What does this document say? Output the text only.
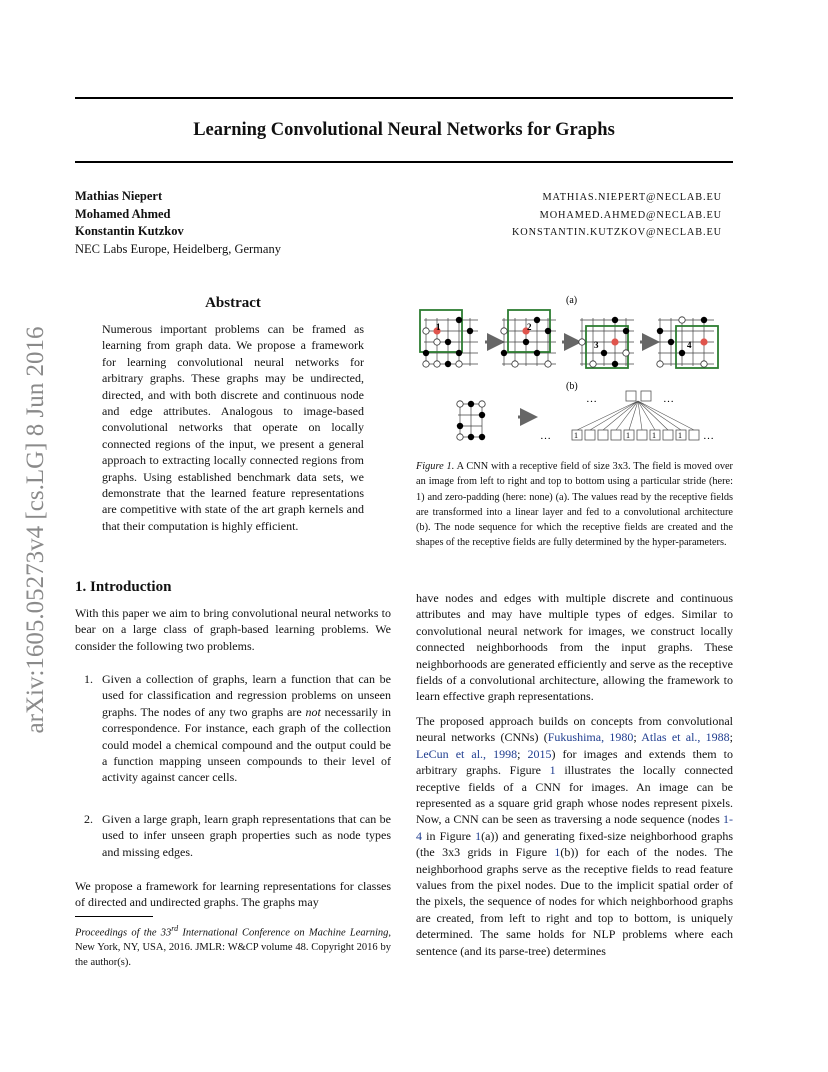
Learning Convolutional Neural Networks for Graphs
Mathias Niepert
Mohamed Ahmed
Konstantin Kutzkov
NEC Labs Europe, Heidelberg, Germany
MATHIAS.NIEPERT@NECLAB.EU
MOHAMED.AHMED@NECLAB.EU
KONSTANTIN.KUTZKOV@NECLAB.EU
arXiv:1605.05273v4 [cs.LG] 8 Jun 2016
Abstract

Numerous important problems can be framed as learning from graph data. We propose a framework for learning convolutional neural networks for arbitrary graphs. These graphs may be undirected, directed, and with both discrete and continuous node and edge attributes. Analogous to image-based convolutional networks that operate on locally connected regions of the input, we present a general approach to extracting locally connected regions from graphs. Using established benchmark data sets, we demonstrate that the learned feature representations are competitive with state of the art graph kernels and that their computation is highly efficient.

1. Introduction

With this paper we aim to bring convolutional neural networks to bear on a large class of graph-based learning problems. We consider the following two problems.

1. Given a collection of graphs, learn a function that can be used for classification and regression problems on unseen graphs. The nodes of any two graphs are not necessarily in correspondence. For instance, each graph of the collection could model a chemical compound and the output could be a function mapping unseen compounds to their level of activity against cancer cells.
2. Given a large graph, learn graph representations that can be used to infer unseen graph properties such as node types and missing edges.

We propose a framework for learning representations for classes of directed and undirected graphs. The graphs may

Proceedings of the 33rd International Conference on Machine Learning, New York, NY, USA, 2016. JMLR: W&CP volume 48. Copyright 2016 by the author(s).
(a)
1	2
3	4
(b)
…	…
1	1	1	1
…	…
Figure 1. A CNN with a receptive field of size 3x3. The field is moved over an image from left to right and top to bottom using a particular stride (here: 1) and zero-padding (here: none) (a). The values read by the receptive fields are transformed into a linear layer and fed to a convolutional architecture (b). The node sequence for which the receptive fields are created and the shapes of the receptive fields are fully determined by the hyper-parameters.

have nodes and edges with multiple discrete and continuous attributes and may have multiple types of edges. Similar to convolutional neural network for images, we construct locally connected neighborhoods from the input graphs. These neighborhoods are generated efficiently and serve as the receptive fields of a convolutional architecture, allowing the framework to learn effective graph representations.

The proposed approach builds on concepts from convolutional neural networks (CNNs) (Fukushima, 1980; Atlas et al., 1988; LeCun et al., 1998; 2015) for images and extends them to arbitrary graphs. Figure 1 illustrates the locally connected receptive fields of a CNN for images. An image can be represented as a square grid graph whose nodes represent pixels. Now, a CNN can be seen as traversing a node sequence (nodes 1-4 in Figure 1(a)) and generating fixed-size neighborhood graphs (the 3x3 grids in Figure 1(b)) for each of the nodes. The neighborhood graphs serve as the receptive fields to read feature values from the pixel nodes. Due to the implicit spatial order of the pixels, the sequence of nodes for which neighborhood graphs are created, from left to right and top to bottom, is uniquely determined. The same holds for NLP problems where each sentence (and its parse-tree) determines
